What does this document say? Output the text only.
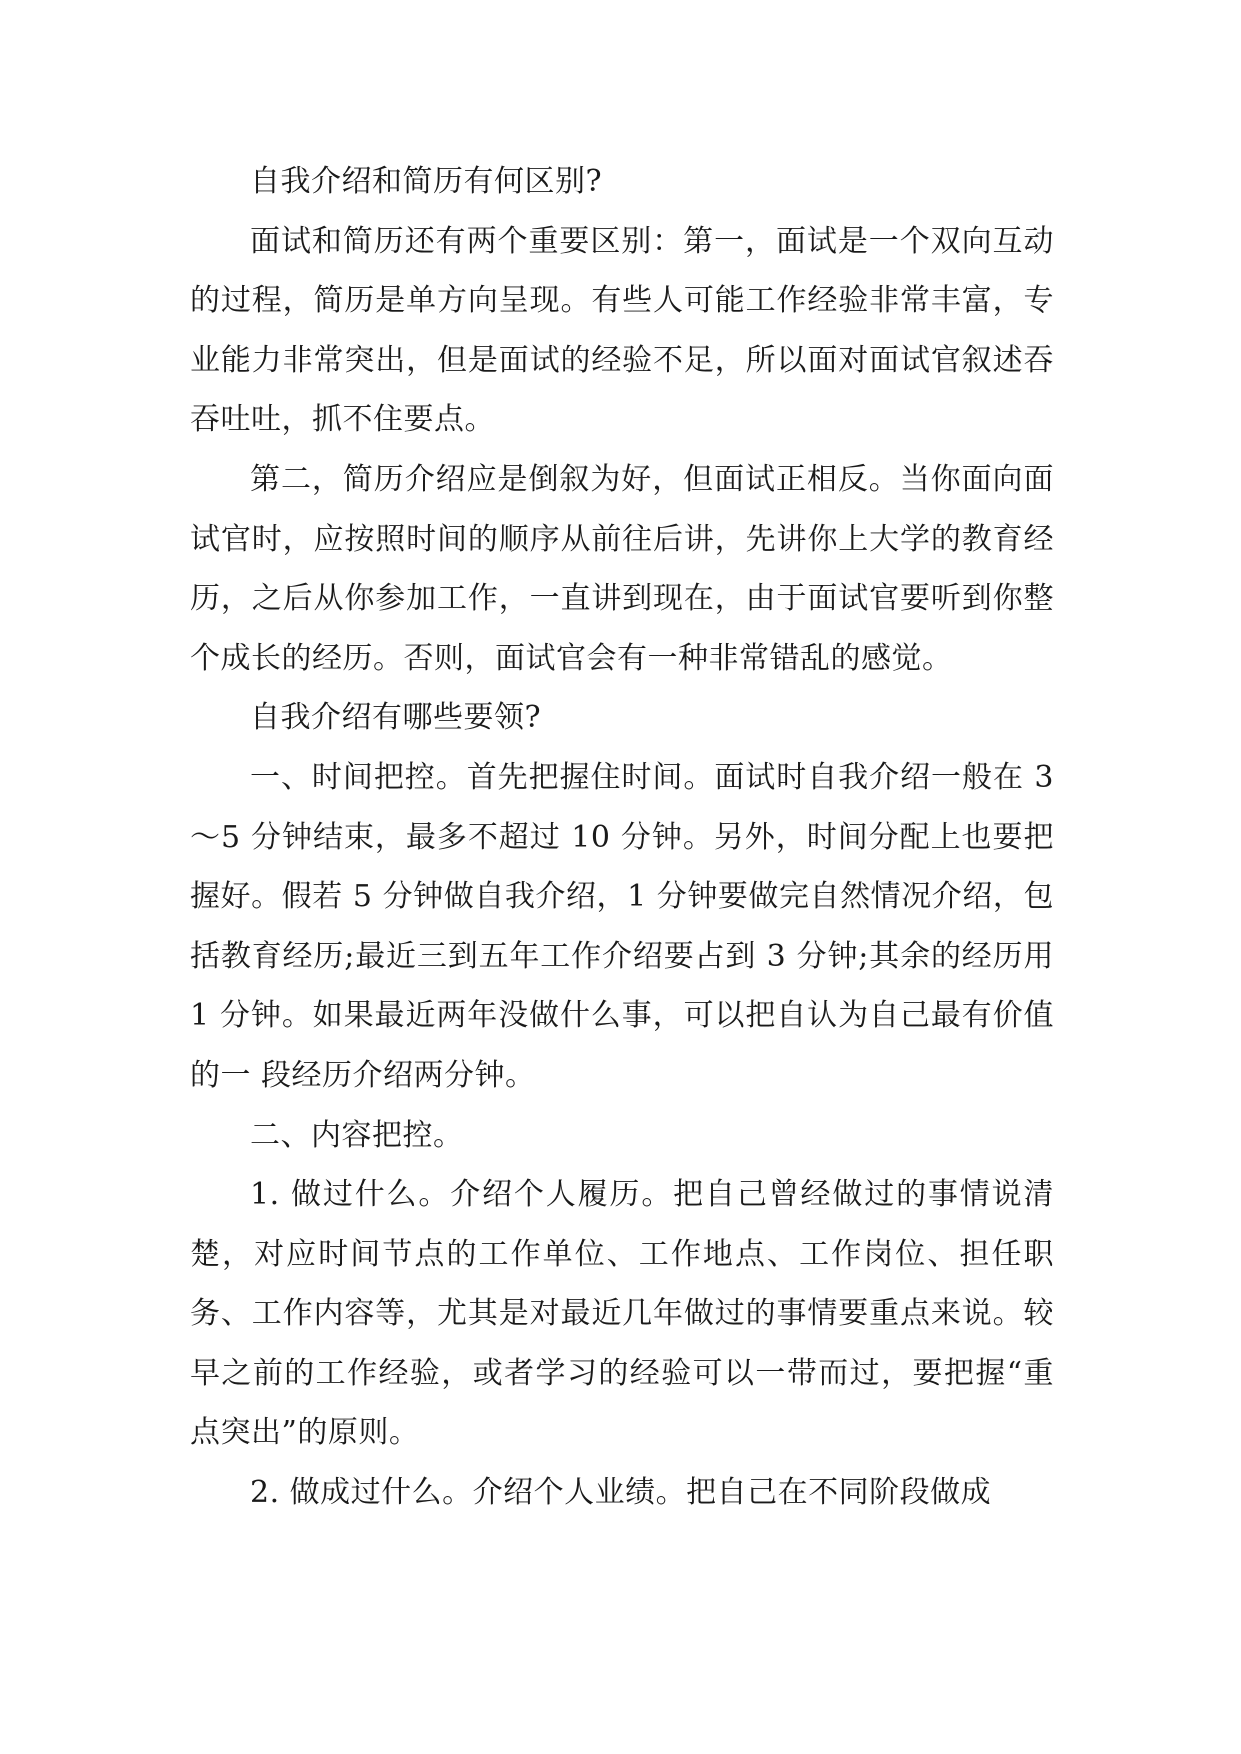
自我介绍和简历有何区别?

面试和简历还有两个重要区别：第一，面试是一个双向互动的过程，简历是单方向呈现。有些人可能工作经验非常丰富，专业能力非常突出，但是面试的经验不足，所以面对面试官叙述吞吞吐吐，抓不住要点。

第二，简历介绍应是倒叙为好，但面试正相反。当你面向面试官时，应按照时间的顺序从前往后讲，先讲你上大学的教育经历，之后从你参加工作，一直讲到现在，由于面试官要听到你整个成长的经历。否则，面试官会有一种非常错乱的感觉。

自我介绍有哪些要领?

一、时间把控。首先把握住时间。面试时自我介绍一般在 3～5 分钟结束，最多不超过 10 分钟。另外，时间分配上也要把握好。假若 5 分钟做自我介绍，1 分钟要做完自然情况介绍，包括教育经历;最近三到五年工作介绍要占到 3 分钟;其余的经历用 1 分钟。如果最近两年没做什么事，可以把自认为自己最有价值的一 段经历介绍两分钟。

二、内容把控。

1. 做过什么。介绍个人履历。把自己曾经做过的事情说清楚，对应时间节点的工作单位、工作地点、工作岗位、担任职务、工作内容等，尤其是对最近几年做过的事情要重点来说。较早之前的工作经验，或者学习的经验可以一带而过，要把握“重点突出”的原则。

2. 做成过什么。介绍个人业绩。把自己在不同阶段做成
